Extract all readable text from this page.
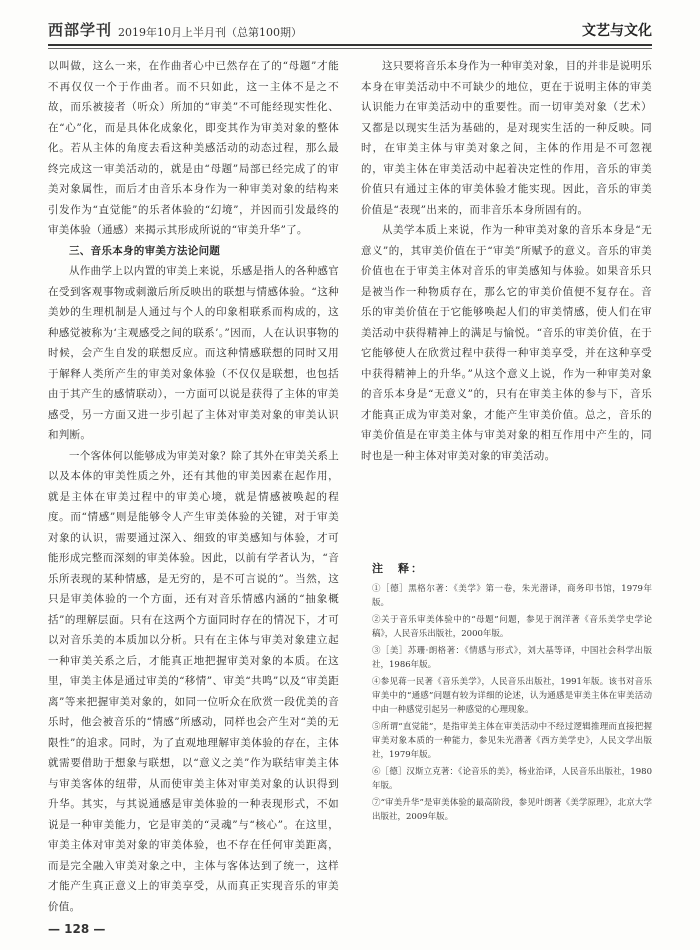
西部学刊 2019年10月上半月刊（总第100期）	文艺与文化

以叫做，这么一来，在作曲者心中已然存在了的“母题”才能不再仅仅一个于作曲者。而不只如此，这一主体不是之不故，而乐被接者（听众）所加的“审美”不可能经现实性化、在“心”化，而是具体化成象化，即变其作为审美对象的整体化。若从主体的角度去看这种美感活动的动态过程，那么最终完成这一审美活动的，就是由“母题”局部已经完成了的审美对象属性，而后才由音乐本身作为一种审美对象的结构来引发作为“直觉能”的乐者体验的“幻境”，并因而引发最终的审美体验（通感）来揭示其形成所说的“审美升华”了。

三、音乐本身的审美方法论问题

从作曲学上以内置的审美上来说，乐感是指人的各种感官在受到客观事物或刺激后所反映出的联想与情感体验。“这种美妙的生理机制是人通过与个人的印象相联系而构成的，这种感觉被称为‘主观感受之间的联系’。”因而，人在认识事物的时候，会产生自发的联想反应。而这种情感联想的同时又用于解释人类所产生的审美对象体验（不仅仅是联想，也包括由于其产生的感情联动），一方面可以说是获得了主体的审美感受，另一方面又进一步引起了主体对审美对象的审美认识和判断。

一个客体何以能够成为审美对象？除了其外在审美关系上以及本体的审美性质之外，还有其他的审美因素在起作用，就是主体在审美过程中的审美心境，就是情感被唤起的程度。而“情感”则是能够令人产生审美体验的关键，对于审美对象的认识，需要通过深入、细致的审美感知与体验，才可能形成完整而深刻的审美体验。因此，以前有学者认为，“音乐所表现的某种情感，是无穷的，是不可言说的”。当然，这只是审美体验的一个方面，还有对音乐情感内涵的“抽象概括”的理解层面。只有在这两个方面同时存在的情况下，才可以对音乐美的本质加以分析。只有在主体与审美对象建立起一种审美关系之后，才能真正地把握审美对象的本质。在这里，审美主体是通过审美的“移情”、审美“共鸣”以及“审美距离”等来把握审美对象的，如同一位听众在欣赏一段优美的音乐时，他会被音乐的“情感”所感动，同样也会产生对“美的无限性”的追求。同时，为了直观地理解审美体验的存在，主体就需要借助于想象与联想，以“意义之美”作为联结审美主体与审美客体的纽带，从而使审美主体对审美对象的认识得到升华。其实，与其说通感是审美体验的一种表现形式，不如说是一种审美能力，它是审美的“灵魂”与“核心”。在这里，审美主体对审美对象的审美体验，也不存在任何审美距离，而是完全融入审美对象之中，主体与客体达到了统一，这样才能产生真正意义上的审美享受，从而真正实现音乐的审美价值。

这只要将音乐本身作为一种审美对象，目的并非是说明乐本身在审美活动中不可缺少的地位，更在于说明主体的审美认识能力在审美活动中的重要性。而一切审美对象（艺术）又都是以现实生活为基础的，是对现实生活的一种反映。同时，在审美主体与审美对象之间，主体的作用是不可忽视的，审美主体在审美活动中起着决定性的作用，音乐的审美价值只有通过主体的审美体验才能实现。因此，音乐的审美价值是“表现”出来的，而非音乐本身所固有的。

从美学本质上来说，作为一种审美对象的音乐本身是“无意义”的，其审美价值在于“审美”所赋予的意义。音乐的审美价值也在于审美主体对音乐的审美感知与体验。如果音乐只是被当作一种物质存在，那么它的审美价值便不复存在。音乐的审美价值在于它能够唤起人们的审美情感，使人们在审美活动中获得精神上的满足与愉悦。“音乐的审美价值，在于它能够使人在欣赏过程中获得一种审美享受，并在这种享受中获得精神上的升华。”从这个意义上说，作为一种审美对象的音乐本身是“无意义”的，只有在审美主体的参与下，音乐才能真正成为审美对象，才能产生审美价值。总之，音乐的审美价值是在审美主体与审美对象的相互作用中产生的，同时也是一种主体对审美对象的审美活动。

注　释：
①［德］黑格尔著：《美学》第一卷，朱光潜译，商务印书馆，1979年版。
②关于音乐审美体验中的“母题”问题，参见于润洋著《音乐美学史学论稿》，人民音乐出版社，2000年版。
③［美］苏珊·朗格著：《情感与形式》，刘大基等译，中国社会科学出版社，1986年版。
④参见蒋一民著《音乐美学》，人民音乐出版社，1991年版。该书对音乐审美中的“通感”问题有较为详细的论述，认为通感是审美主体在审美活动中由一种感觉引起另一种感觉的心理现象。
⑤所谓“直觉能”，是指审美主体在审美活动中不经过逻辑推理而直接把握审美对象本质的一种能力，参见朱光潜著《西方美学史》，人民文学出版社，1979年版。
⑥［德］汉斯立克著：《论音乐的美》，杨业治译，人民音乐出版社，1980年版。
⑦“审美升华”是审美体验的最高阶段，参见叶朗著《美学原理》，北京大学出版社，2009年版。
— 128 —
